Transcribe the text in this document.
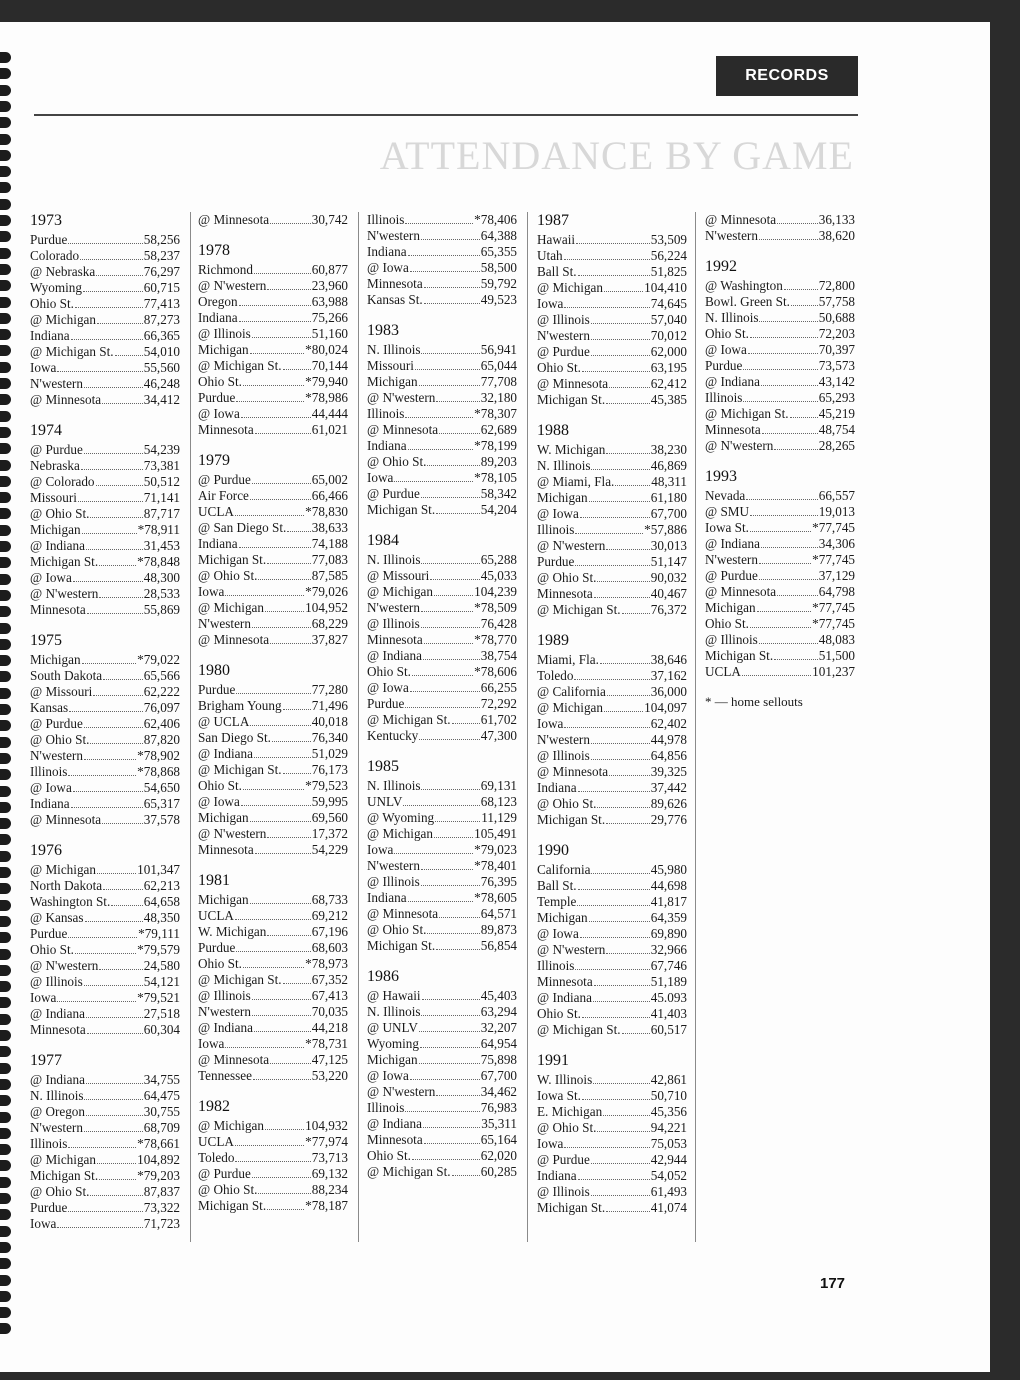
RECORDS
ATTENDANCE BY GAME
1973
Purdue	58,256
Colorado	58,237
@ Nebraska	76,297
Wyoming	60,715
Ohio St.	77,413
@ Michigan	87,273
Indiana	66,365
@ Michigan St. 54,010
Iowa	55,560
N'western	46,248
@ Minnesota	34,412
1974
@ Purdue	54,239
Nebraska	73,381
@ Colorado	50,512
Missouri	71,141
@ Ohio St.	87,717
Michigan	*78,911
@ Indiana	31,453
Michigan St.	*78,848
@ Iowa	48,300
@ N'western	28,533
Minnesota	55,869
1975
Michigan	*79,022
South Dakota	65,566
@ Missouri	62,222
Kansas	76,097
@ Purdue	62,406
@ Ohio St.	87,820
N'western	*78,902
Illinois	*78,868
@ Iowa	54,650
Indiana	65,317
@ Minnesota	37,578
1976
@ Michigan	101,347
North Dakota	62,213
Washington St.	64,658
@ Kansas	48,350
Purdue	*79,111
Ohio St.	*79,579
@ N'western	24,580
@ Illinois	54,121
Iowa	*79,521
@ Indiana	27,518
Minnesota	60,304
1977
@ Indiana	34,755
N. Illinois	64,475
@ Oregon	30,755
N'western	68,709
Illinois	*78,661
@ Michigan	104,892
Michigan St.	*79,203
@ Ohio St.	87,837
Purdue	73,322
Iowa	71,723
@ Minnesota	30,742
1978
Richmond	60,877
@ N'western	23,960
Oregon	63,988
Indiana	75,266
@ Illinois	51,160
Michigan	*80,024
@ Michigan St. 70,144
Ohio St.	*79,940
Purdue	*78,986
@ Iowa	44,444
Minnesota	61,021
1979
@ Purdue	65,002
Air Force	66,466
UCLA	*78,830
@ San Diego St. 38,633
Indiana	74,188
Michigan St.	77,083
@ Ohio St.	87,585
Iowa	*79,026
@ Michigan	104,952
N'western	68,229
@ Minnesota	37,827
1980
Purdue	77,280
Brigham Young 71,496
@ UCLA	40,018
San Diego St.	76,340
@ Indiana	51,029
@ Michigan St. 76,173
Ohio St.	*79,523
@ Iowa	59,995
Michigan	69,560
@ N'western	17,372
Minnesota	54,229
1981
Michigan	68,733
UCLA	69,212
W. Michigan	67,196
Purdue	68,603
Ohio St.	*78,973
@ Michigan St. 67,352
@ Illinois	67,413
N'western	70,035
@ Indiana	44,218
Iowa	*78,731
@ Minnesota	47,125
Tennessee	53,220
1982
@ Michigan	104,932
UCLA	*77,974
Toledo	73,713
@ Purdue	69,132
@ Ohio St.	88,234
Michigan St.	*78,187
Illinois	*78,406
N'western	64,388
Indiana	65,355
@ Iowa	58,500
Minnesota	59,792
Kansas St.	49,523
1983
N. Illinois	56,941
Missouri	65,044
Michigan	77,708
@ N'western	32,180
Illinois	*78,307
@ Minnesota	62,689
Indiana	*78,199
@ Ohio St.	89,203
Iowa	*78,105
@ Purdue	58,342
Michigan St.	54,204
1984
N. Illinois	65,288
@ Missouri	45,033
@ Michigan	104,239
N'western	*78,509
@ Illinois	76,428
Minnesota	*78,770
@ Indiana	38,754
Ohio St.	*78,606
@ Iowa	66,255
Purdue	72,292
@ Michigan St. 61,702
Kentucky	47,300
1985
N. Illinois	69,131
UNLV	68,123
@ Wyoming	11,129
@ Michigan	105,491
Iowa	*79,023
N'western	*78,401
@ Illinois	76,395
Indiana	*78,605
@ Minnesota	64,571
@ Ohio St.	89,873
Michigan St.	56,854
1986
@ Hawaii	45,403
N. Illinois	63,294
@ UNLV	32,207
Wyoming	64,954
Michigan	75,898
@ Iowa	67,700
@ N'western	34,462
Illinois	76,983
@ Indiana	35,311
Minnesota	65,164
Ohio St.	62,020
@ Michigan St. 60,285
1987
Hawaii	53,509
Utah	56,224
Ball St.	51,825
@ Michigan	104,410
Iowa	74,645
@ Illinois	57,040
N'western	70,012
@ Purdue	62,000
Ohio St.	63,195
@ Minnesota	62,412
Michigan St.	45,385
1988
W. Michigan	38,230
N. Illinois	46,869
@ Miami, Fla.	48,311
Michigan	61,180
@ Iowa	67,700
Illinois	*57,886
@ N'western	30,013
Purdue	51,147
@ Ohio St.	90,032
Minnesota	40,467
@ Michigan St. 76,372
1989
Miami, Fla.	38,646
Toledo	37,162
@ California	36,000
@ Michigan	104,097
Iowa	62,402
N'western	44,978
@ Illinois	64,856
@ Minnesota	39,325
Indiana	37,442
@ Ohio St.	89,626
Michigan St.	29,776
1990
California	45,980
Ball St.	44,698
Temple	41,817
Michigan	64,359
@ Iowa	69,890
@ N'western	32,966
Illinois	67,746
Minnesota	51,189
@ Indiana	45.093
Ohio St.	41,403
@ Michigan St. 60,517
1991
W. Illinois	42,861
Iowa St.	50,710
E. Michigan	45,356
@ Ohio St.	94,221
Iowa	75,053
@ Purdue	42,944
Indiana	54,052
@ Illinois	61,493
Michigan St.	41,074
@ Minnesota	36,133
N'western	38,620
1992
@ Washington	72,800
Bowl. Green St. 57,758
N. Illinois	50,688
Ohio St.	72,203
@ Iowa	70,397
Purdue	73,573
@ Indiana	43,142
Illinois	65,293
@ Michigan St. 45,219
Minnesota	48,754
@ N'western	28,265
1993
Nevada	66,557
@ SMU	19,013
Iowa St.	*77,745
@ Indiana	34,306
N'western	*77,745
@ Purdue	37,129
@ Minnesota	64,798
Michigan	*77,745
Ohio St.	*77,745
@ Illinois	48,083
Michigan St.	51,500
UCLA	101,237
* — home sellouts
177
